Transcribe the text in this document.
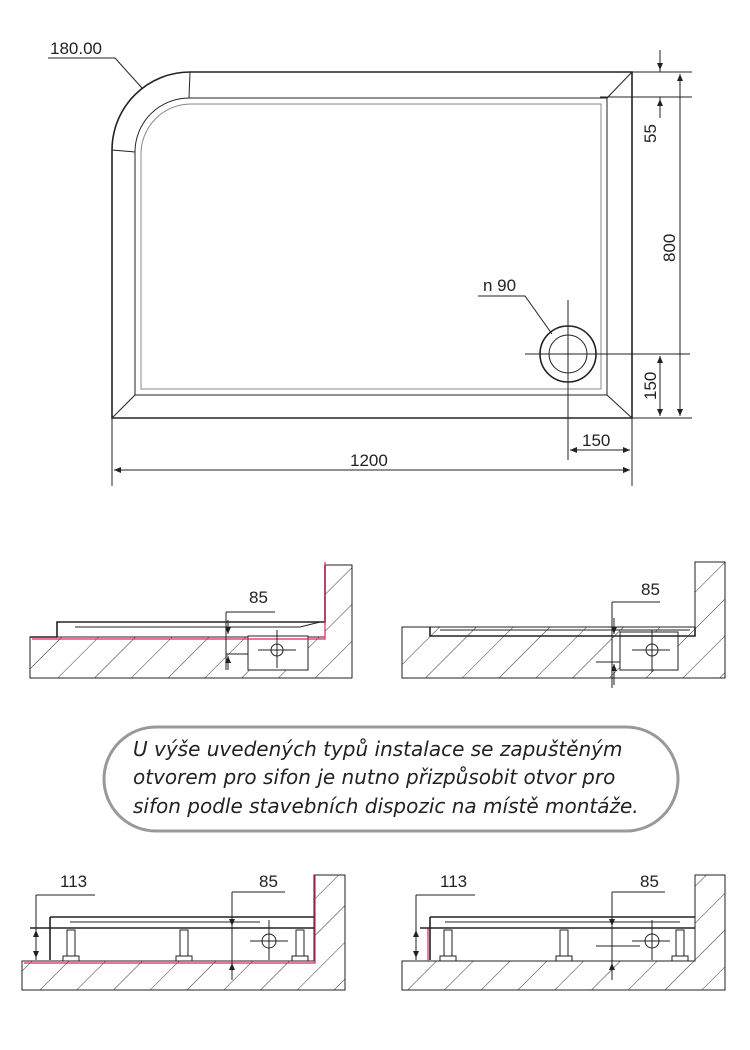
180.00
n 90
1200
150
800
55
150
85	85
U výše uvedených typů instalace se zapuštěným
otvorem pro sifon je nutno přizpůsobit otvor pro
sifon podle stavebních dispozic na místě montáže.
113	85	113	85
